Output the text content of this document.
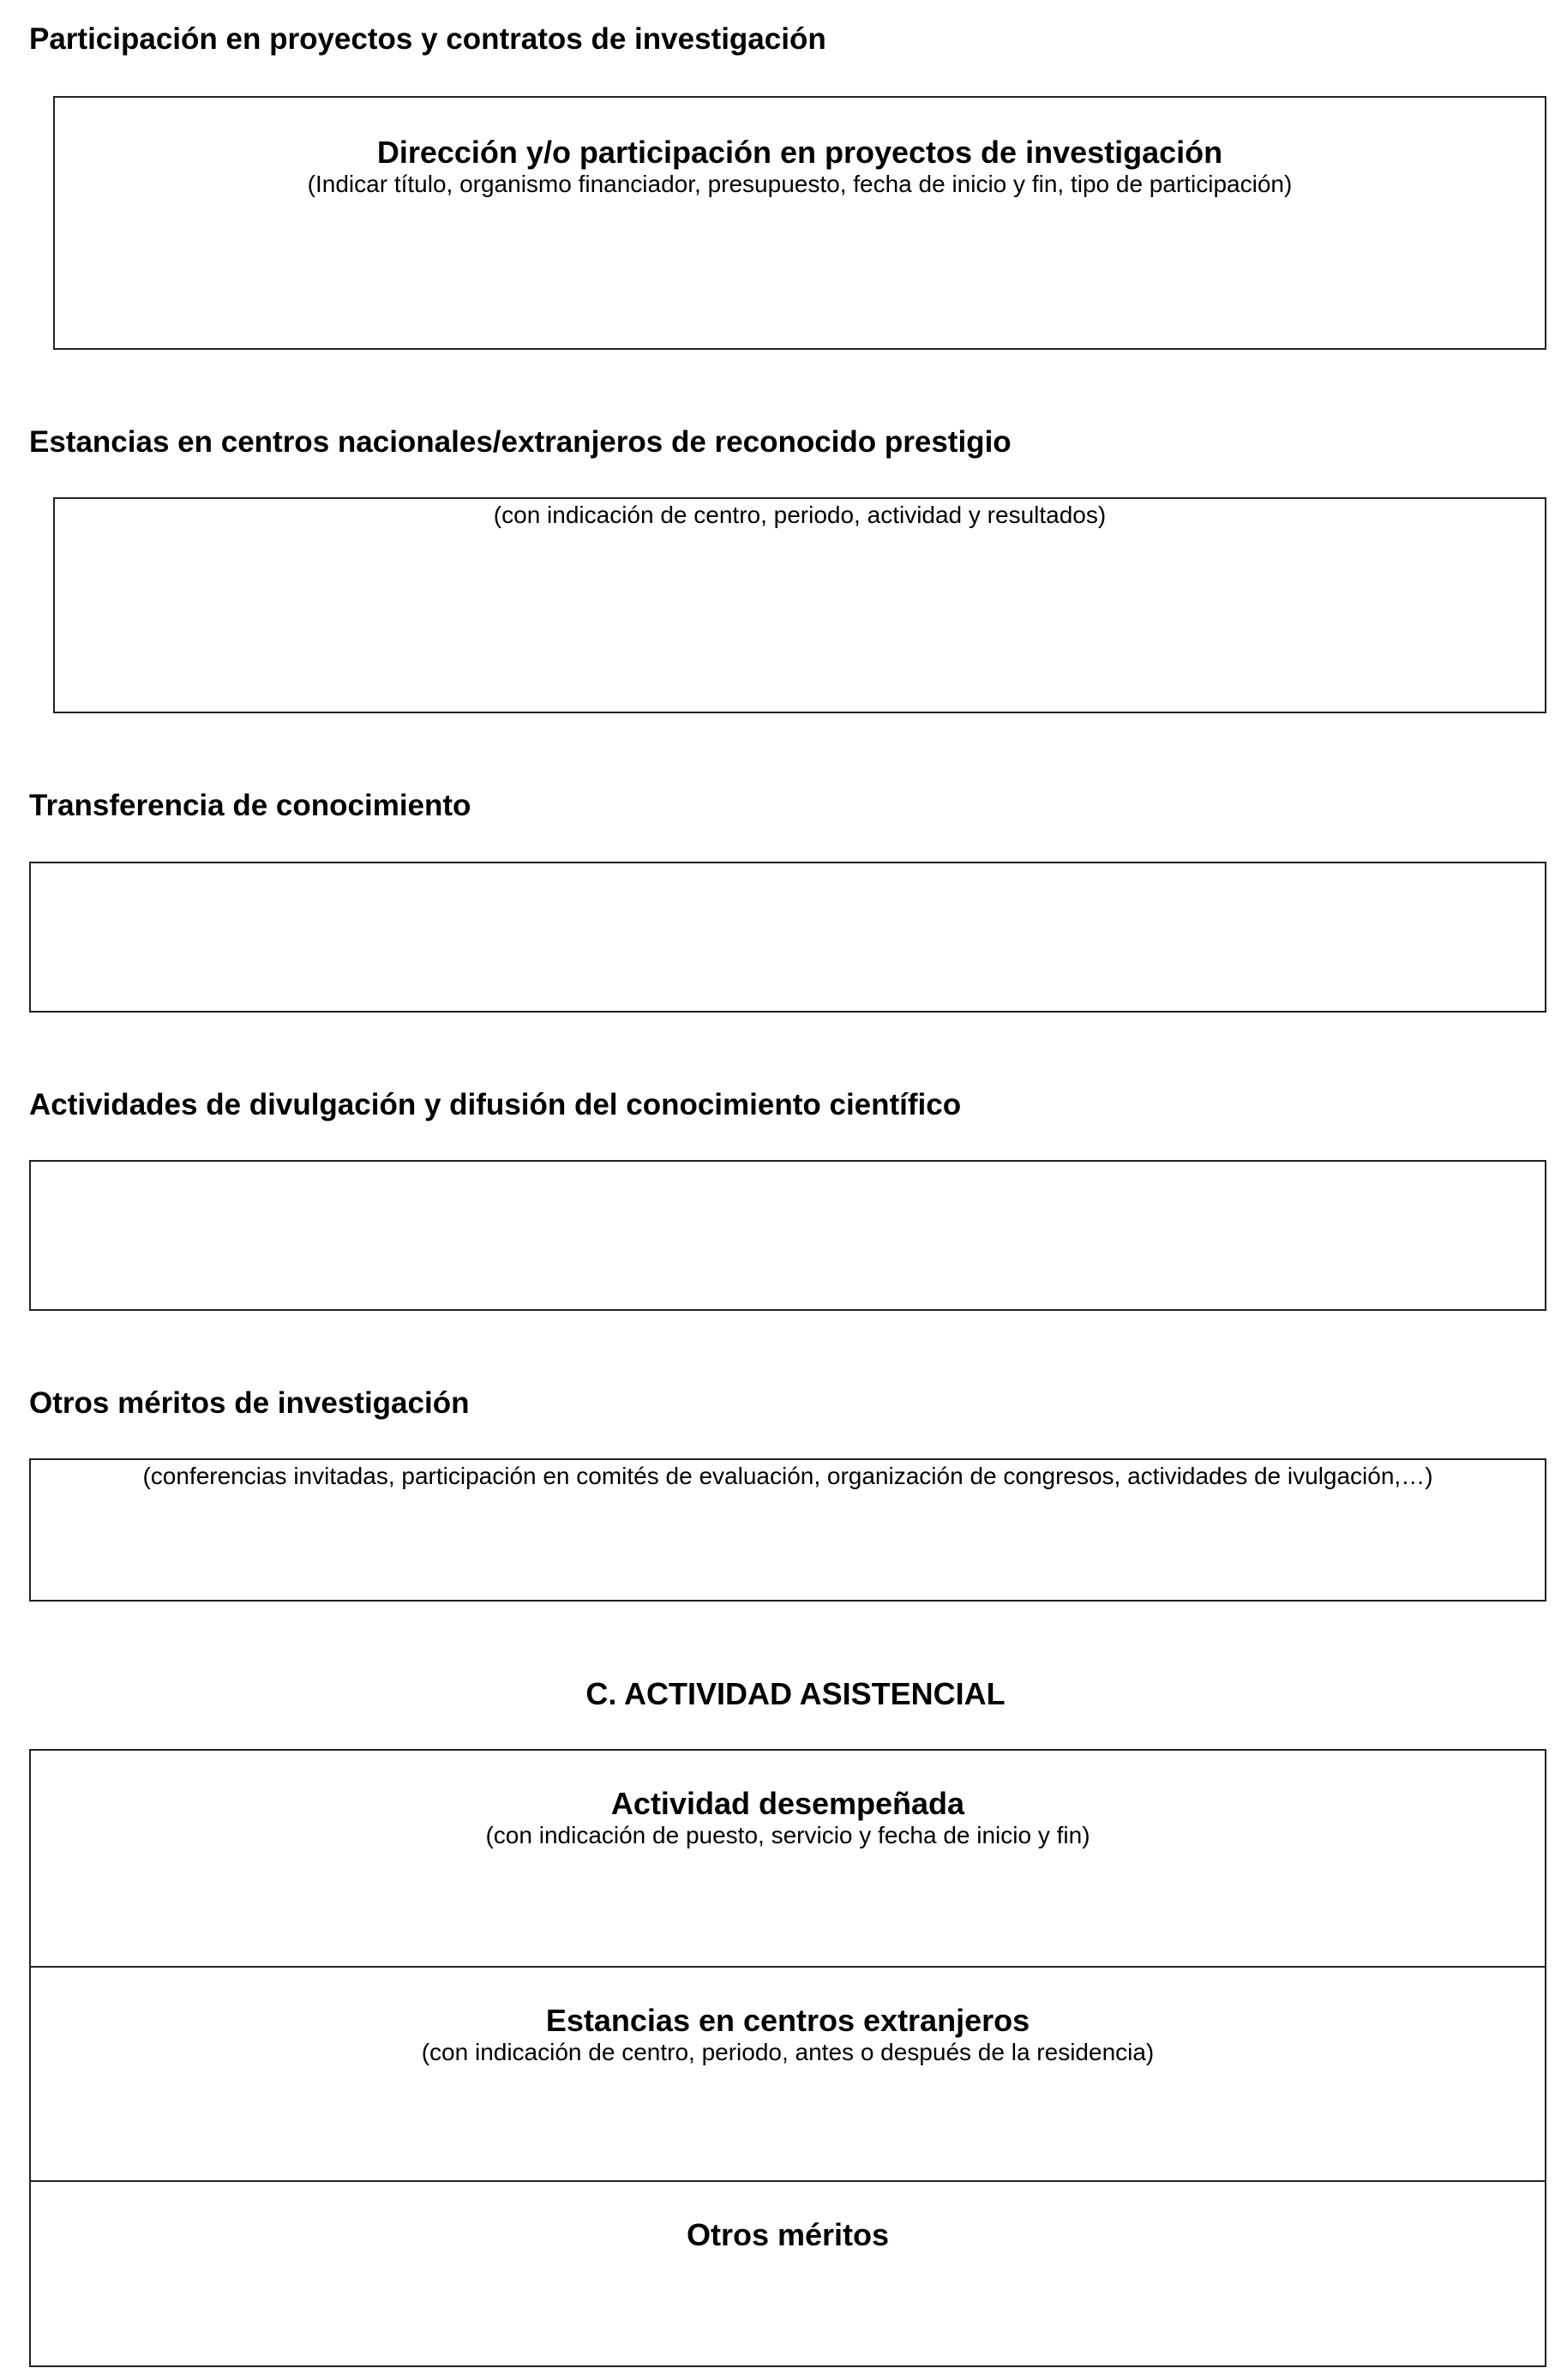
Participación en proyectos y contratos de investigación
Dirección y/o participación en proyectos de investigación
(Indicar título, organismo financiador, presupuesto, fecha de inicio y fin, tipo de participación)
Estancias en centros nacionales/extranjeros de reconocido prestigio
(con indicación de centro, periodo, actividad y resultados)
Transferencia de conocimiento
Actividades de divulgación y difusión del conocimiento científico
Otros méritos de investigación
(conferencias invitadas, participación en comités de evaluación, organización de congresos, actividades de ivulgación,…)
C. ACTIVIDAD ASISTENCIAL
Actividad desempeñada
(con indicación de puesto, servicio y fecha de inicio y fin)
Estancias en centros extranjeros
(con indicación de centro, periodo, antes o después de la residencia)
Otros méritos
